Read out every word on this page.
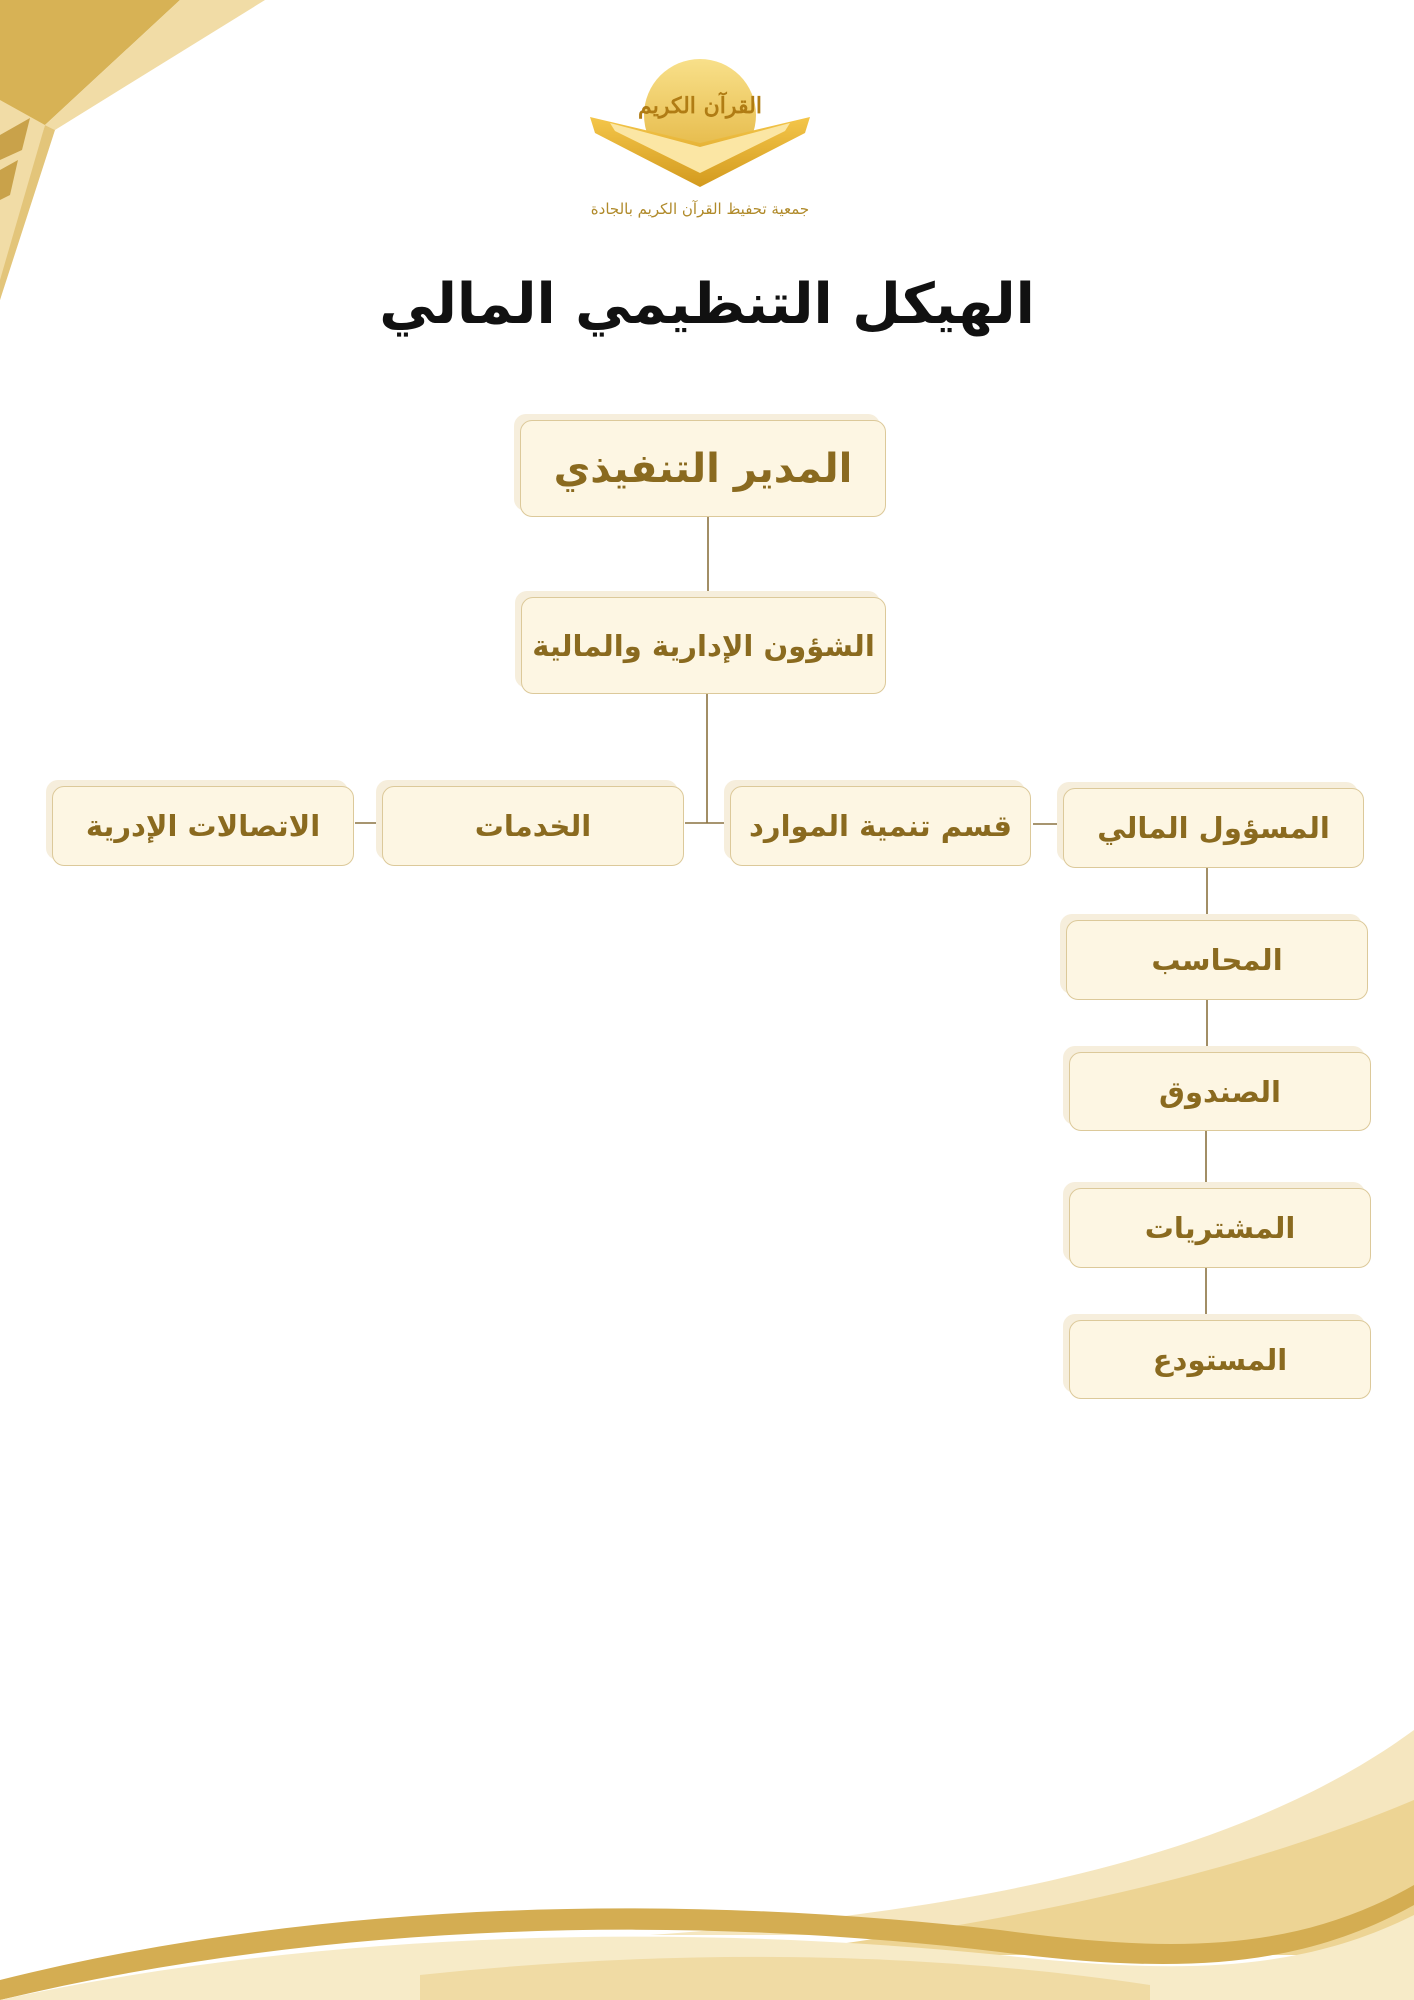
القرآن الكريم
جمعية تحفيظ القرآن الكريم بالجادة
الهيكل التنظيمي المالي
المدير التنفيذي
الشؤون الإدارية والمالية
المسؤول المالي
قسم تنمية الموارد
الخدمات
الاتصالات الإدرية
المحاسب
الصندوق
المشتريات
المستودع
